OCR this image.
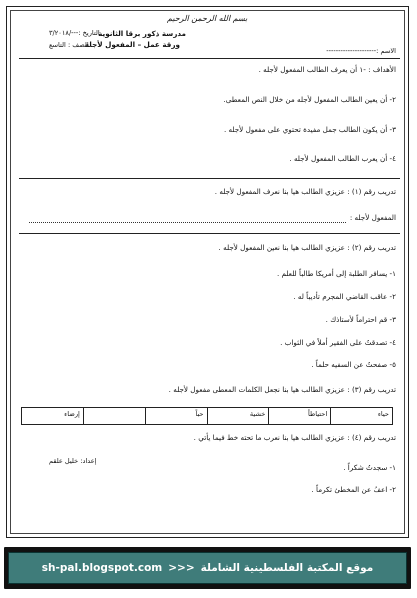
بسم الله الرحمن الرحيم
مدرسة ذكور برقا الثانوية
ورقة عمل – المفعول لأجله
التاريخ :---/٣/٢٠١٨
الصف : التاسع
الاسم :---------------------
الأهداف : -١ أن يعرف الطالب المفعول لأجله .
٢- أن يعين الطالب المفعول لأجله من خلال النص المعطى.
٣- أن يكون الطالب جمل مفيدة تحتوي على مفعول لأجله .
٤- أن يعرب الطالب المفعول لأجله .
تدريب رقم (١) : عزيزي الطالب هيا بنا نعرف المفعول لأجله .
المفعول لأجله :
تدريب رقم (٢) : عزيزي الطالب هيا بنا نعين المفعول لأجله .
١- يسافر الطلبة إلى أمريكا طالباً للعلم .
٢- عاقب القاضي المجرم تأديباً له .
٣- قم احتراماً لأستاذك .
٤- تصدقتُ على الفقير أملاً في الثواب .
٥- صفحتُ عن السفيه حلماً .
تدريب رقم (٣) : عزيزي الطالب هيا بنا نجعل الكلمات المعطى مفعول لأجله .
حياء
احتياطاً
خشية
حباً
إرضاء
تدريب رقم (٤) : عزيزي الطالب هيا بنا نعرب ما تحته خط فيما يأتي .
إعداد: خليل علقم
١- سجدتُ شكراً .
٢- اعفُ عن المخطئ تكرماً .
sh-pal.blogspot.com >>> موقع المكتبة الفلسطينية الشاملة
